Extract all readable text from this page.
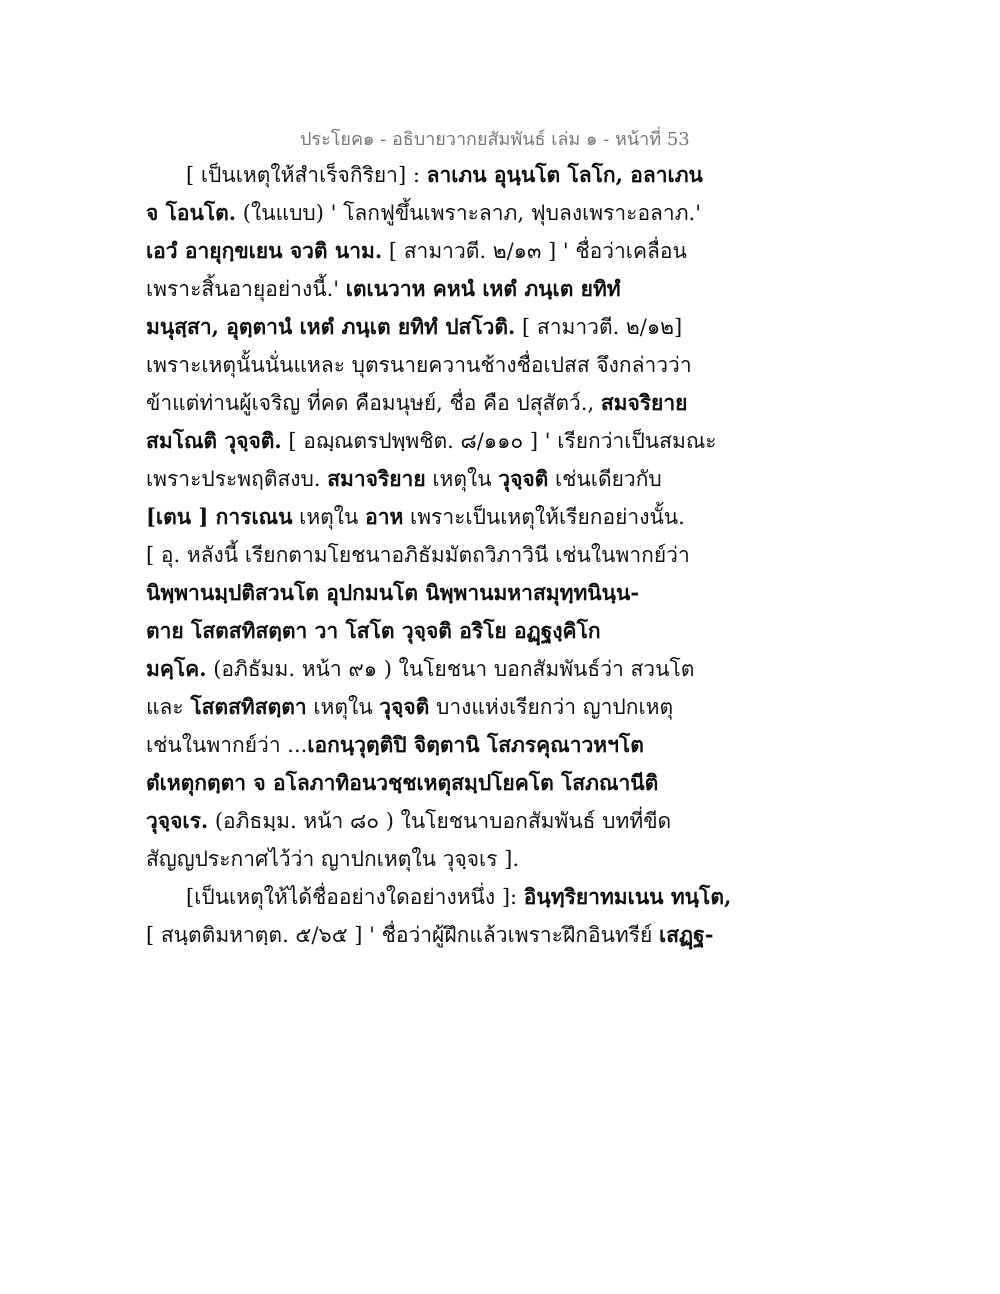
ประโยค๑ - อธิบายวากยสัมพันธ์ เล่ม ๑ - หน้าที่ 53
[ เป็นเหตุให้สำเร็จกิริยา] : ลาเภน อุนฺนโต โลโก, อลาเภน
จ โอนโต. (ในแบบ) ' โลกฟูขึ้นเพราะลาภ, ฟุบลงเพราะอลาภ.'
เอวํ อายุกฺขเยน จวติ นาม. [ สามาวตี. ๒/๑๓ ] ' ชื่อว่าเคลื่อน
เพราะสิ้นอายุอย่างนี้.' เตเนวาห คหนํ เหตํ ภนฺเต ยทิทํ
มนุสฺสา, อุตฺตานํ เหตํ ภนฺเต ยทิทํ ปสโวติ. [ สามาวตี. ๒/๑๒]
เพราะเหตุนั้นนั่นแหละ บุตรนายควานช้างชื่อเปสส จึงกล่าวว่า
ข้าแต่ท่านผู้เจริญ ที่คด คือมนุษย์, ชื่อ คือ ปสุสัตว์., สมจริยาย
สมโณติ วุจฺจติ. [ อฌฺณตรปพฺพชิต. ๘/๑๑๐ ] ' เรียกว่าเป็นสมณะ
เพราะประพฤติสงบ. สมาจริยาย เหตุใน วุจฺจติ เช่นเดียวกับ
[เตน ] การเณน เหตุใน อาห เพราะเป็นเหตุให้เรียกอย่างนั้น.
[ อุ. หลังนี้ เรียกตามโยชนาอภิธัมมัตถวิภาวินี เช่นในพากย์ว่า
นิพฺพานมฺปติสวนโต อุปกมนโต นิพฺพานมหาสมุทฺทนินฺน-
ตาย โสตสทิสตฺตา วา โสโต วุจฺจติ อริโย อฏฺฐงฺคิโก
มคฺโค. (อภิธัมม. หน้า ๙๑ ) ในโยชนา บอกสัมพันธ์ว่า สวนโต
และ โสตสทิสตฺตา เหตุใน วุจฺจติ บางแห่งเรียกว่า ญาปกเหตุ
เช่นในพากย์ว่า ...เอกนฺวุตฺติปิ จิตฺตานิ โสภรคุณาวหฯโต
ตํเหตุกตฺตา จ อโลภาทิอนวชฺชเหตุสมฺปโยคโต โสภณานีติ
วุจฺจเร. (อภิธมฺม. หน้า ๘๐ ) ในโยชนาบอกสัมพันธ์ บทที่ขีด
สัญญประกาศไว้ว่า ญาปกเหตุใน วุจฺจเร ].
[เป็นเหตุให้ได้ชื่ออย่างใดอย่างหนึ่ง ]: อินฺทฺริยาทมเนน ทนฺโต,
[ สนฺตติมหาตฺต. ๕/๖๕ ] ' ชื่อว่าผู้ฝึกแล้วเพราะฝึกอินทรีย์ เสฏฺฐ-
